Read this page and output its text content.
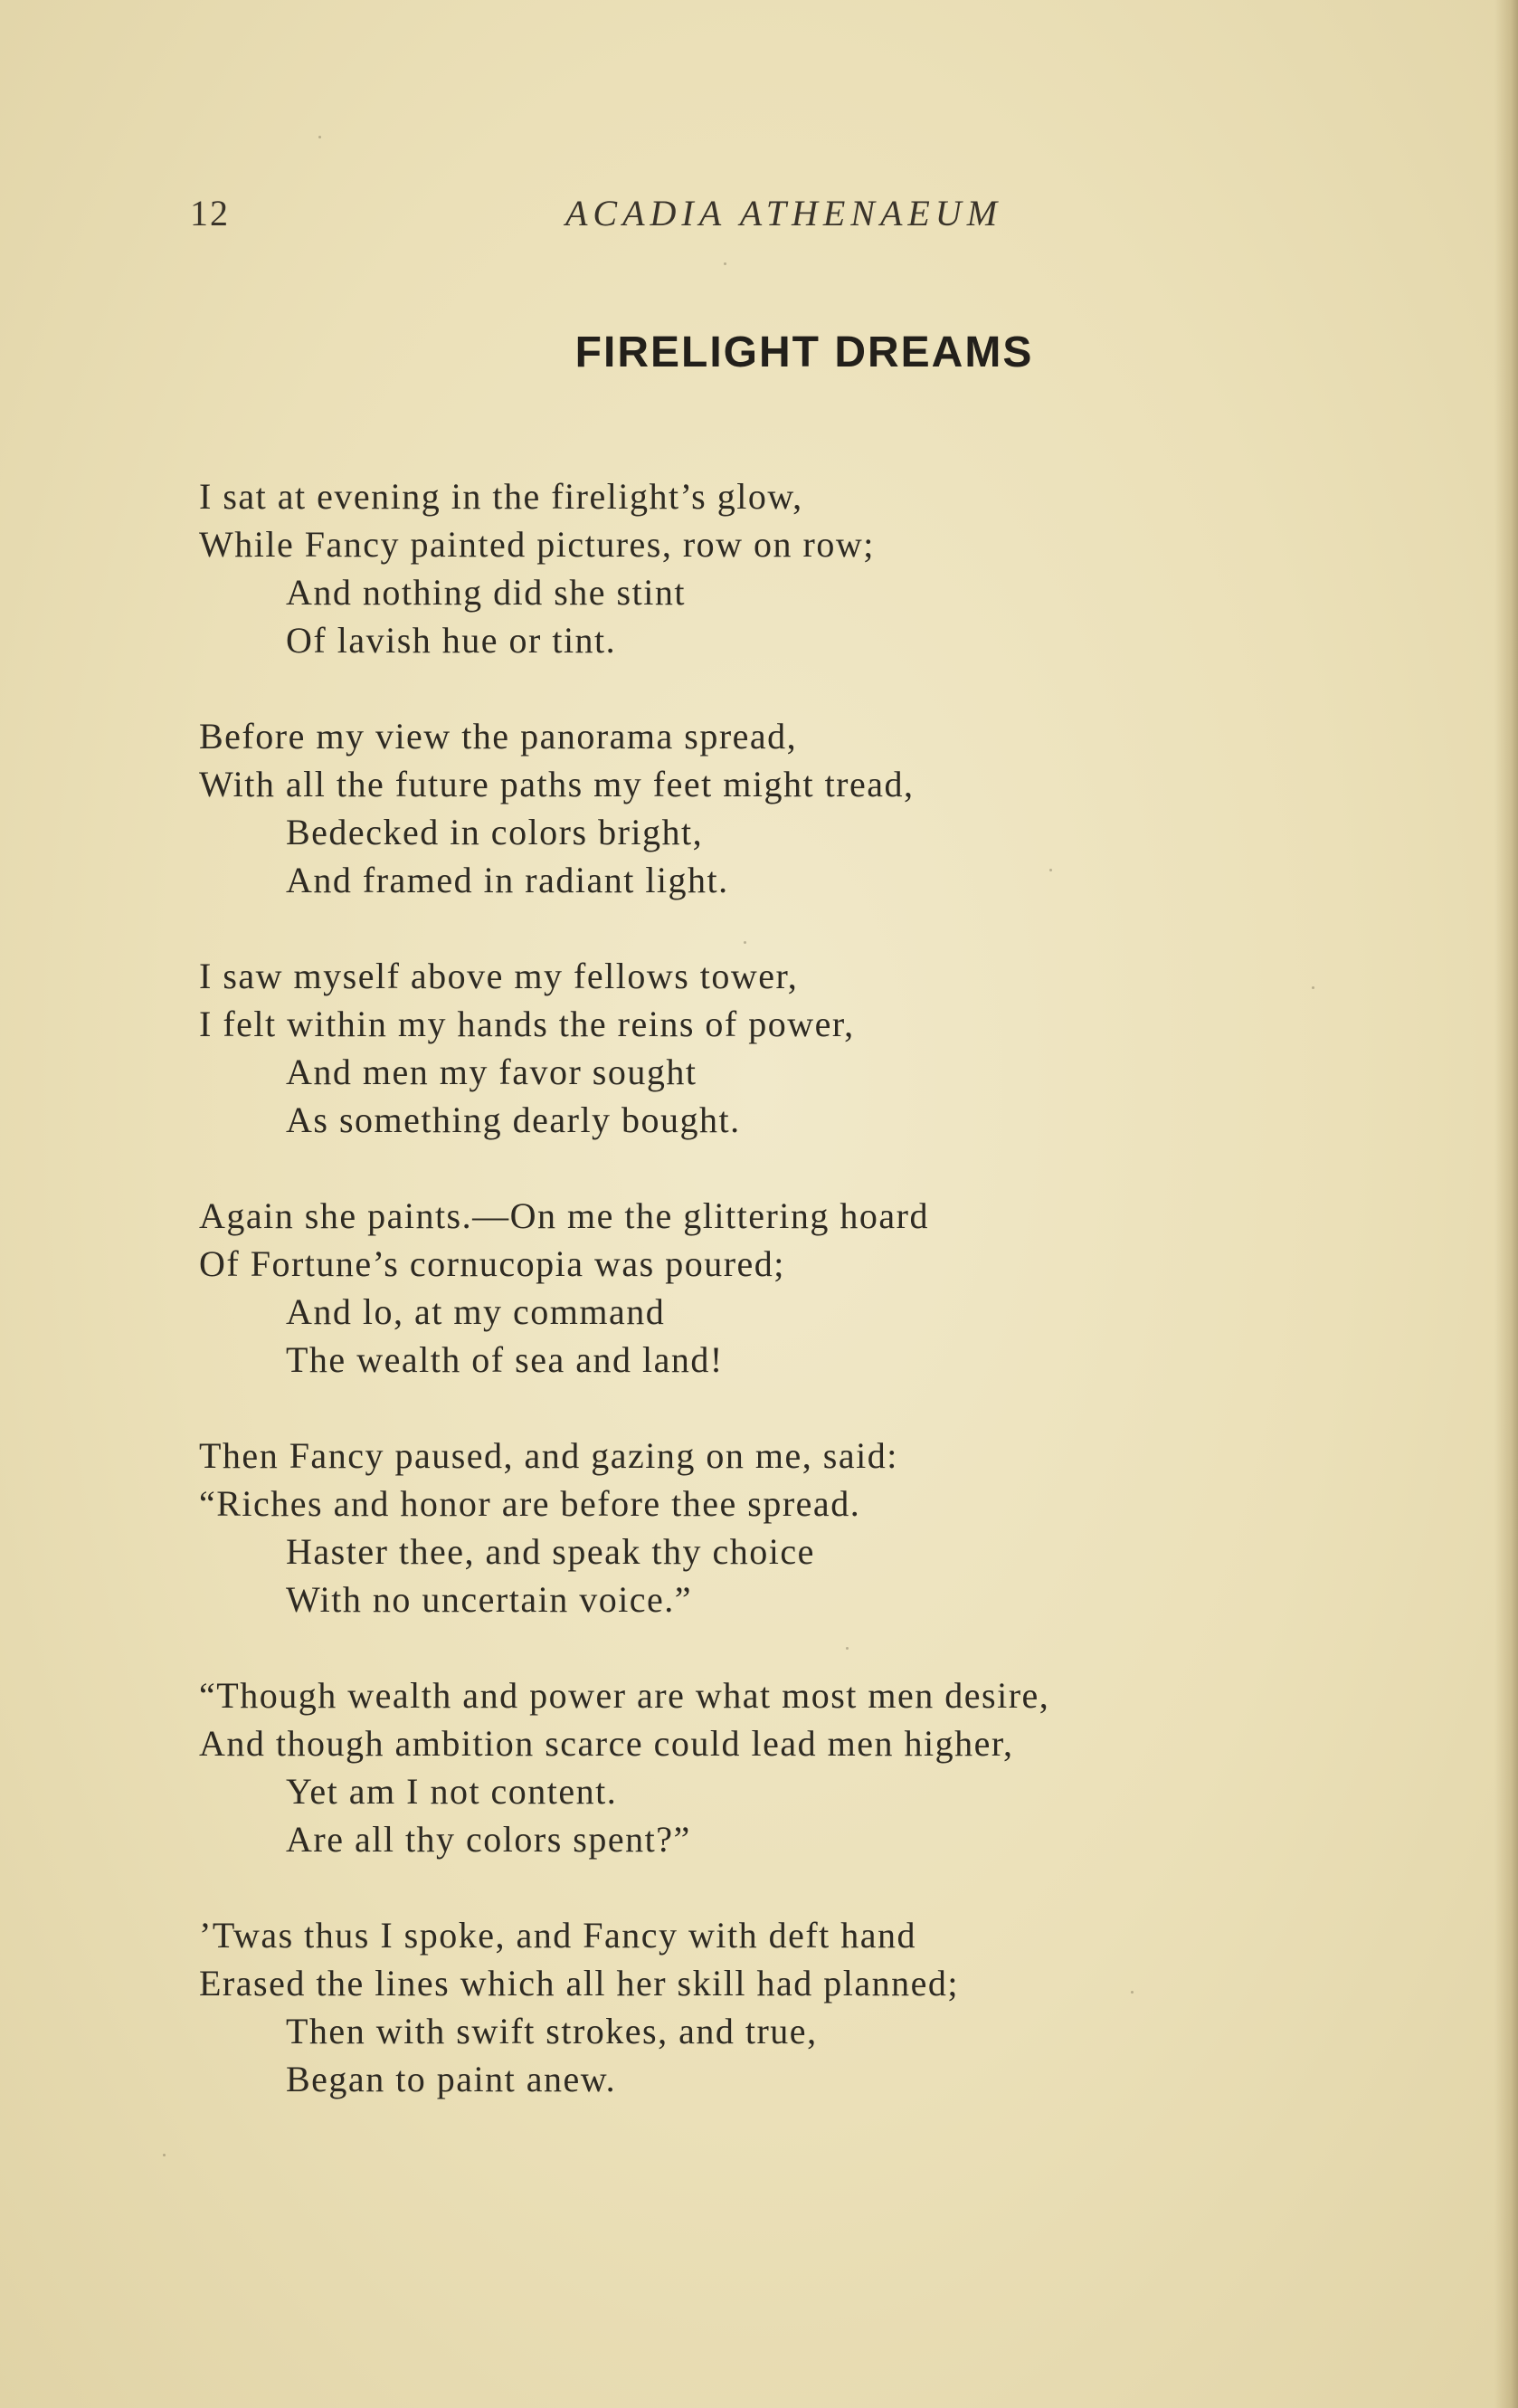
12	ACADIA ATHENAEUM
FIRELIGHT DREAMS
I sat at evening in the firelight’s glow,
While Fancy painted pictures, row on row;
And nothing did she stint
Of lavish hue or tint.
Before my view the panorama spread,
With all the future paths my feet might tread,
Bedecked in colors bright,
And framed in radiant light.
I saw myself above my fellows tower,
I felt within my hands the reins of power,
And men my favor sought
As something dearly bought.
Again she paints.—On me the glittering hoard
Of Fortune’s cornucopia was poured;
And lo, at my command
The wealth of sea and land!
Then Fancy paused, and gazing on me, said:
“Riches and honor are before thee spread.
Haster thee, and speak thy choice
With no uncertain voice.”
“Though wealth and power are what most men desire,
And though ambition scarce could lead men higher,
Yet am I not content.
Are all thy colors spent?”
’Twas thus I spoke, and Fancy with deft hand
Erased the lines which all her skill had planned;
Then with swift strokes, and true,
Began to paint anew.
